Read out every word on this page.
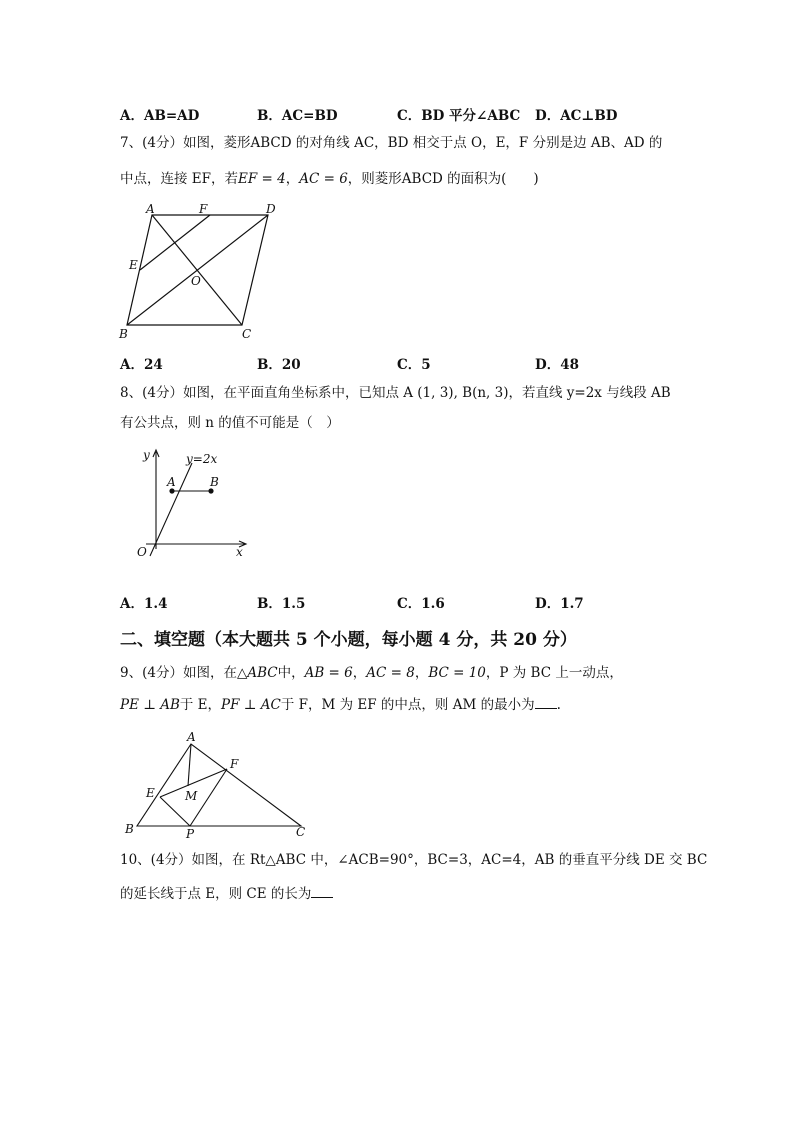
A．AB=AD	B．AC=BD	C．BD 平分∠ABC D．AC⊥BD
7、(4分）如图，菱形ABCD 的对角线 AC，BD 相交于点 O，E，F 分别是边 AB、AD 的
中点，连接 EF，若EF = 4，AC = 6，则菱形ABCD 的面积为(　　)
A	F	D
E
O
B	C
A．24	B．20	C．5	D．48
8、(4分）如图，在平面直角坐标系中，已知点 A (1, 3), B(n, 3)，若直线 y=2x 与线段 AB
有公共点，则 n 的值不可能是（　）
y	y=2x
A	B
O	x
A．1.4	B．1.5	C．1.6	D．1.7
二、填空题（本大题共 5 个小题，每小题 4 分，共 20 分）
9、(4分）如图，在△ABC中，AB = 6，AC = 8，BC = 10，P 为 BC 上一动点，
PE ⊥ AB于 E，PF ⊥ AC于 F，M 为 EF 的中点，则 AM 的最小为 .
A
F
E	M
B	P	C
10、(4分）如图，在 Rt△ABC 中，∠ACB=90°，BC=3，AC=4，AB 的垂直平分线 DE 交 BC
的延长线于点 E，则 CE 的长为
